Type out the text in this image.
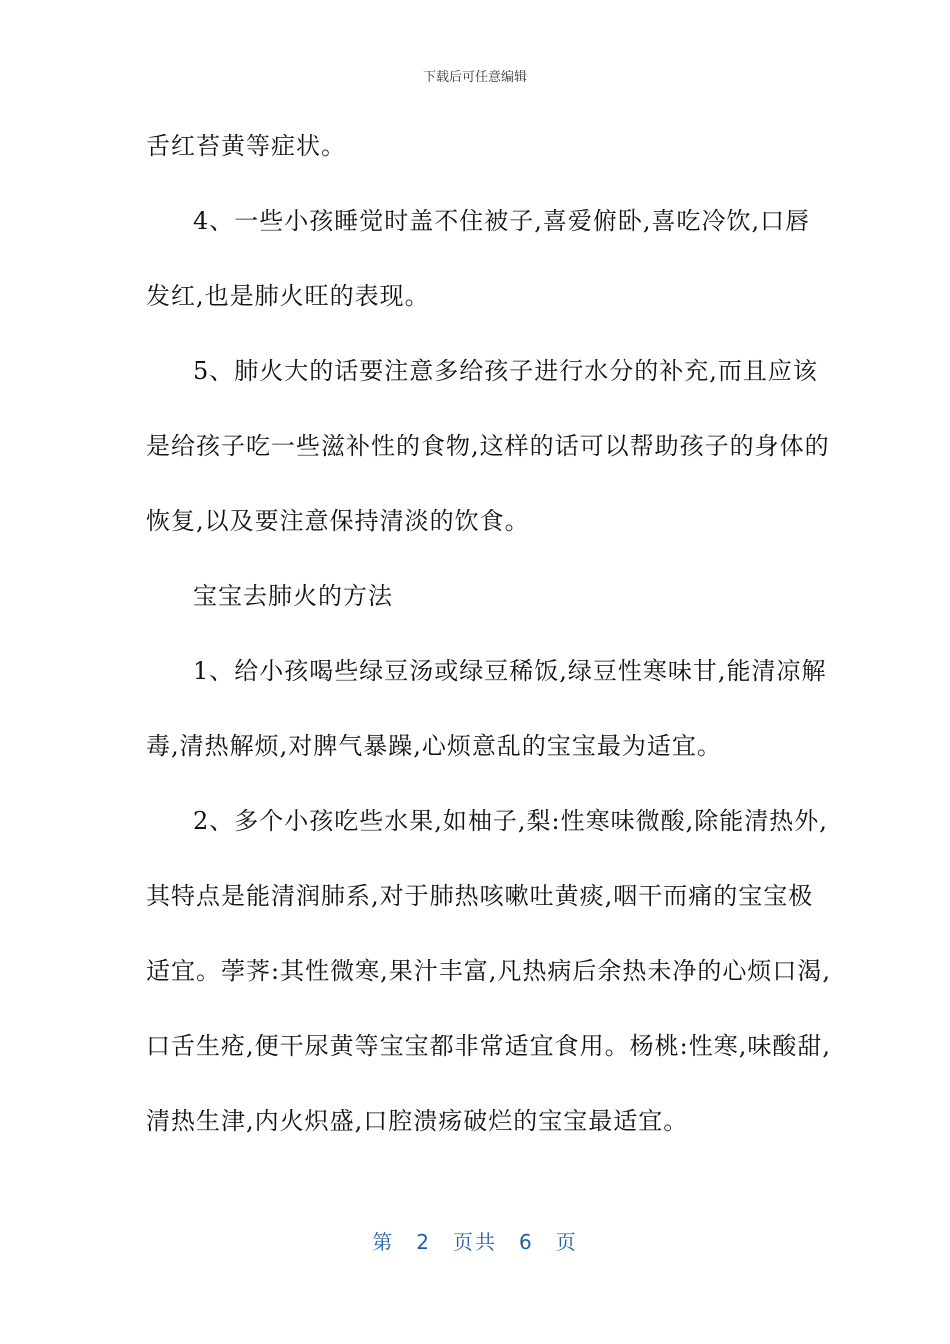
下载后可任意编辑
舌红苔黄等症状。
4、一些小孩睡觉时盖不住被子,喜爱俯卧,喜吃冷饮,口唇
发红,也是肺火旺的表现。
5、肺火大的话要注意多给孩子进行水分的补充,而且应该
是给孩子吃一些滋补性的食物,这样的话可以帮助孩子的身体的
恢复,以及要注意保持清淡的饮食。
宝宝去肺火的方法
1、给小孩喝些绿豆汤或绿豆稀饭,绿豆性寒味甘,能清凉解
毒,清热解烦,对脾气暴躁,心烦意乱的宝宝最为适宜。
2、多个小孩吃些水果,如柚子,梨:性寒味微酸,除能清热外,
其特点是能清润肺系,对于肺热咳嗽吐黄痰,咽干而痛的宝宝极
适宜。荸荠:其性微寒,果汁丰富,凡热病后余热未净的心烦口渴,
口舌生疮,便干尿黄等宝宝都非常适宜食用。杨桃:性寒,味酸甜,
清热生津,内火炽盛,口腔溃疡破烂的宝宝最适宜。
第 2 页共 6 页
